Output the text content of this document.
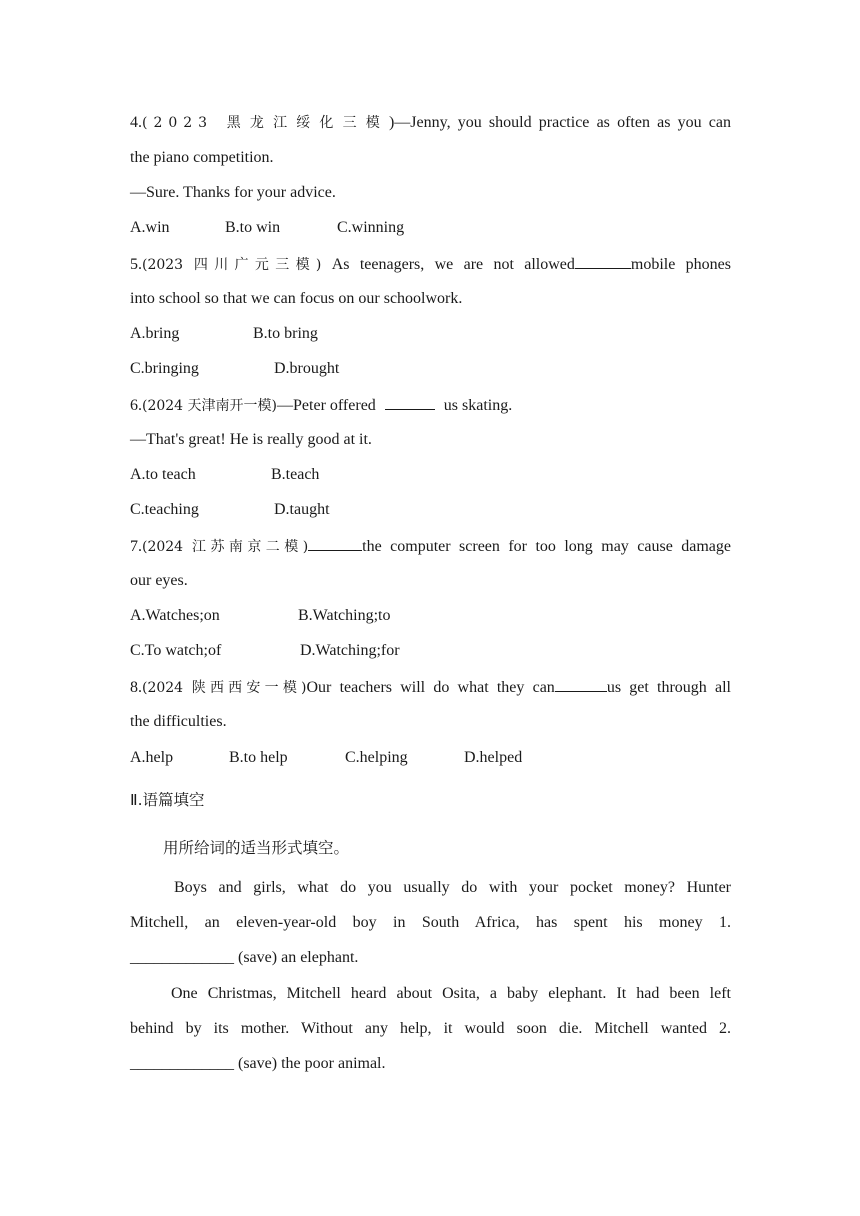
4.(2023 黑龙江绥化三模)—Jenny, you should practice as often as you can
the piano competition.
—Sure. Thanks for your advice.
A.win	B.to win	C.winning
5.(2023 四川广元三模) As teenagers, we are not allowed	mobile phones
into school so that we can focus on our schoolwork.
A.bring	B.to bring
C.bringing	D.brought
6.(2024 天津南开一模)—Peter offered	us skating.
—That's great! He is really good at it.
A.to teach	B.teach
C.teaching	D.taught
7.(2024 江苏南京二模)	the computer screen for too long may cause damage
our eyes.
A.Watches;on	B.Watching;to
C.To watch;of	D.Watching;for
8.(2024 陕西西安一模)Our teachers will do what they can	us get through all
the difficulties.
A.help	B.to help	C.helping	D.helped
Ⅱ.语篇填空
用所给词的适当形式填空。
Boys and girls, what do you usually do with your pocket money? Hunter
Mitchell, an eleven-year-old boy in South Africa, has spent his money 1.
_____________ (save) an elephant.
One Christmas, Mitchell heard about Osita, a baby elephant. It had been left
behind by its mother. Without any help, it would soon die. Mitchell wanted 2.
_____________ (save) the poor animal.
